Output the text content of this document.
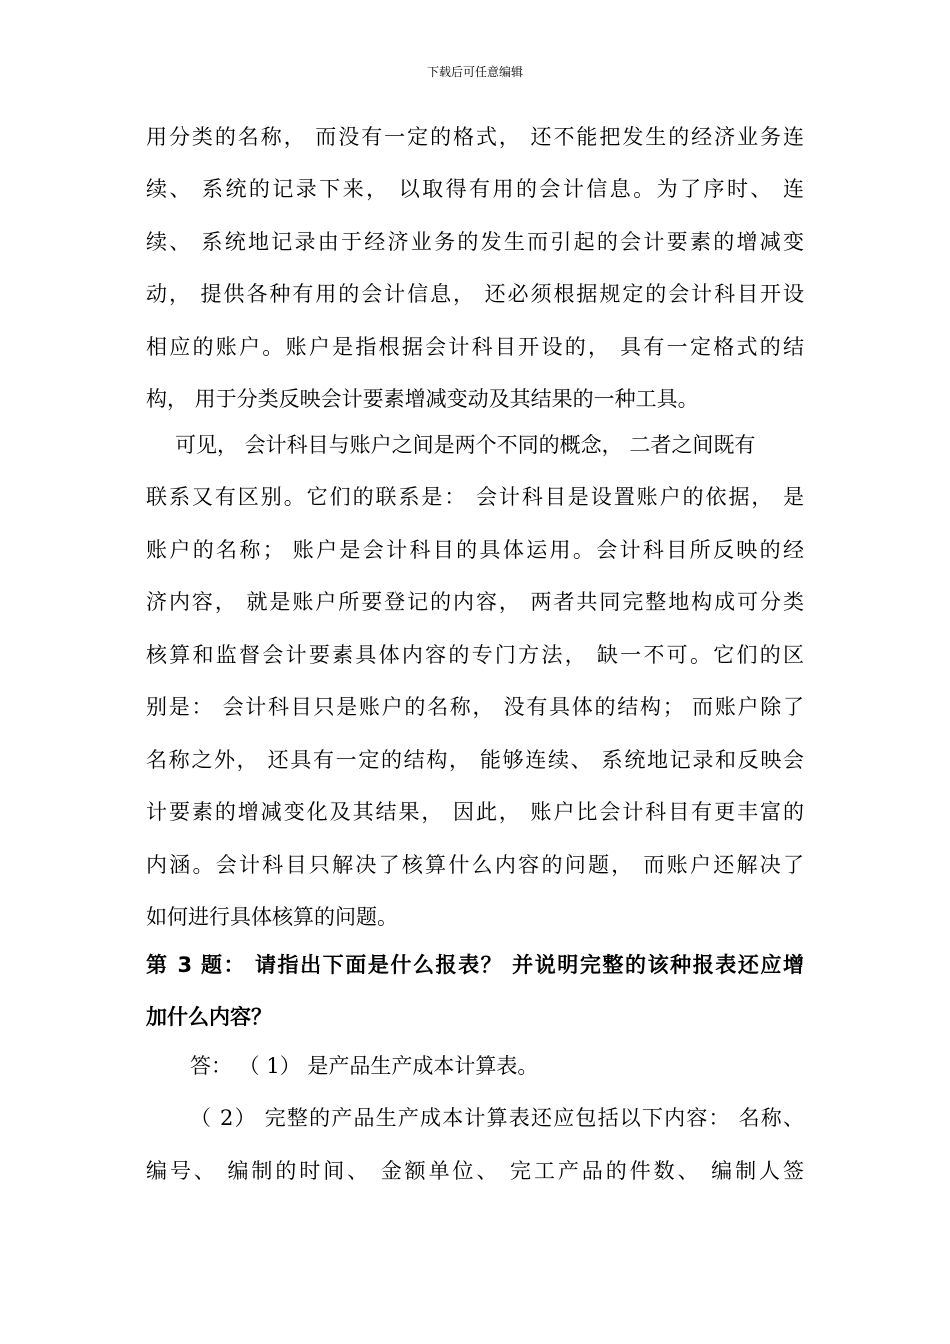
下载后可任意编辑
用分类的名称， 而没有一定的格式， 还不能把发生的经济业务连
续、 系统的记录下来， 以取得有用的会计信息。为了序时、 连
续、 系统地记录由于经济业务的发生而引起的会计要素的增减变
动， 提供各种有用的会计信息， 还必须根据规定的会计科目开设
相应的账户。账户是指根据会计科目开设的， 具有一定格式的结
构， 用于分类反映会计要素增减变动及其结果的一种工具。
可见， 会计科目与账户之间是两个不同的概念， 二者之间既有
联系又有区别。它们的联系是： 会计科目是设置账户的依据， 是
账户的名称； 账户是会计科目的具体运用。会计科目所反映的经
济内容， 就是账户所要登记的内容， 两者共同完整地构成可分类
核算和监督会计要素具体内容的专门方法， 缺一不可。它们的区
别是： 会计科目只是账户的名称， 没有具体的结构； 而账户除了
名称之外， 还具有一定的结构， 能够连续、 系统地记录和反映会
计要素的增减变化及其结果， 因此， 账户比会计科目有更丰富的
内涵。会计科目只解决了核算什么内容的问题， 而账户还解决了
如何进行具体核算的问题。
第 3 题： 请指出下面是什么报表？ 并说明完整的该种报表还应增
加什么内容？
答： （ 1） 是产品生产成本计算表。
（ 2） 完整的产品生产成本计算表还应包括以下内容： 名称、
编号、 编制的时间、 金额单位、 完工产品的件数、 编制人签
